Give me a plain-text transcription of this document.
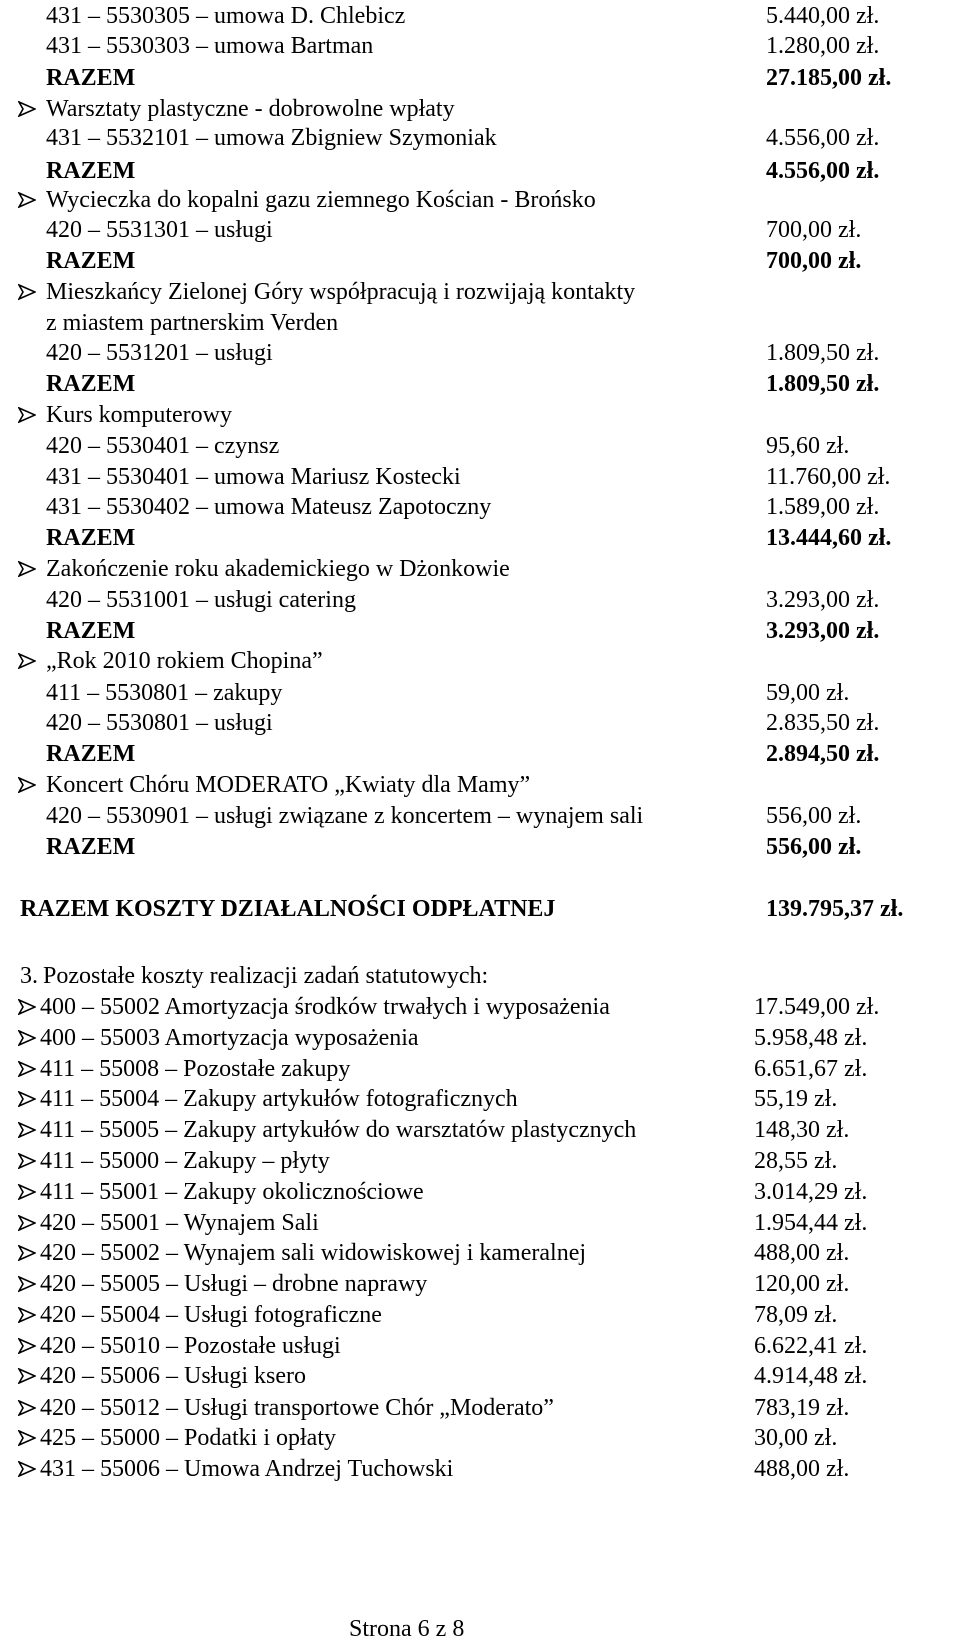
431 – 5530305 – umowa D. Chlebicz	5.440,00 zł.
431 – 5530303 – umowa Bartman	1.280,00 zł.
RAZEM	27.185,00 zł.
Warsztaty plastyczne - dobrowolne wpłaty
431 – 5532101 – umowa Zbigniew Szymoniak	4.556,00 zł.
RAZEM	4.556,00 zł.
Wycieczka do kopalni gazu ziemnego Kościan - Brońsko
420 – 5531301 – usługi	700,00 zł.
RAZEM	700,00 zł.
Mieszkańcy Zielonej Góry współpracują i rozwijają kontakty
z miastem partnerskim Verden
420 – 5531201 – usługi	1.809,50 zł.
RAZEM	1.809,50 zł.
Kurs komputerowy
420 – 5530401 – czynsz	95,60 zł.
431 – 5530401 – umowa Mariusz Kostecki	11.760,00 zł.
431 – 5530402 – umowa Mateusz Zapotoczny	1.589,00 zł.
RAZEM	13.444,60 zł.
Zakończenie roku akademickiego w Dżonkowie
420 – 5531001 – usługi catering	3.293,00 zł.
RAZEM	3.293,00 zł.
„Rok 2010 rokiem Chopina”
411 – 5530801 – zakupy	59,00 zł.
420 – 5530801 – usługi	2.835,50 zł.
RAZEM	2.894,50 zł.
Koncert Chóru MODERATO „Kwiaty dla Mamy”
420 – 5530901 – usługi związane z koncertem – wynajem sali	556,00 zł.
RAZEM	556,00 zł.
RAZEM KOSZTY DZIAŁALNOŚCI ODPŁATNEJ	139.795,37 zł.
3. Pozostałe koszty realizacji zadań statutowych:
400 – 55002 Amortyzacja środków trwałych i wyposażenia	17.549,00 zł.
400 – 55003 Amortyzacja wyposażenia	5.958,48 zł.
411 – 55008 – Pozostałe zakupy	6.651,67 zł.
411 – 55004 – Zakupy artykułów fotograficznych	55,19 zł.
411 – 55005 – Zakupy artykułów do warsztatów plastycznych	148,30 zł.
411 – 55000 – Zakupy – płyty	28,55 zł.
411 – 55001 – Zakupy okolicznościowe	3.014,29 zł.
420 – 55001 – Wynajem Sali	1.954,44 zł.
420 – 55002 – Wynajem sali widowiskowej i kameralnej	488,00 zł.
420 – 55005 – Usługi – drobne naprawy	120,00 zł.
420 – 55004 – Usługi fotograficzne	78,09 zł.
420 – 55010 – Pozostałe usługi	6.622,41 zł.
420 – 55006 – Usługi ksero	4.914,48 zł.
420 – 55012 – Usługi transportowe Chór „Moderato”	783,19 zł.
425 – 55000 – Podatki i opłaty	30,00 zł.
431 – 55006 – Umowa Andrzej Tuchowski	488,00 zł.
Strona 6 z 8
